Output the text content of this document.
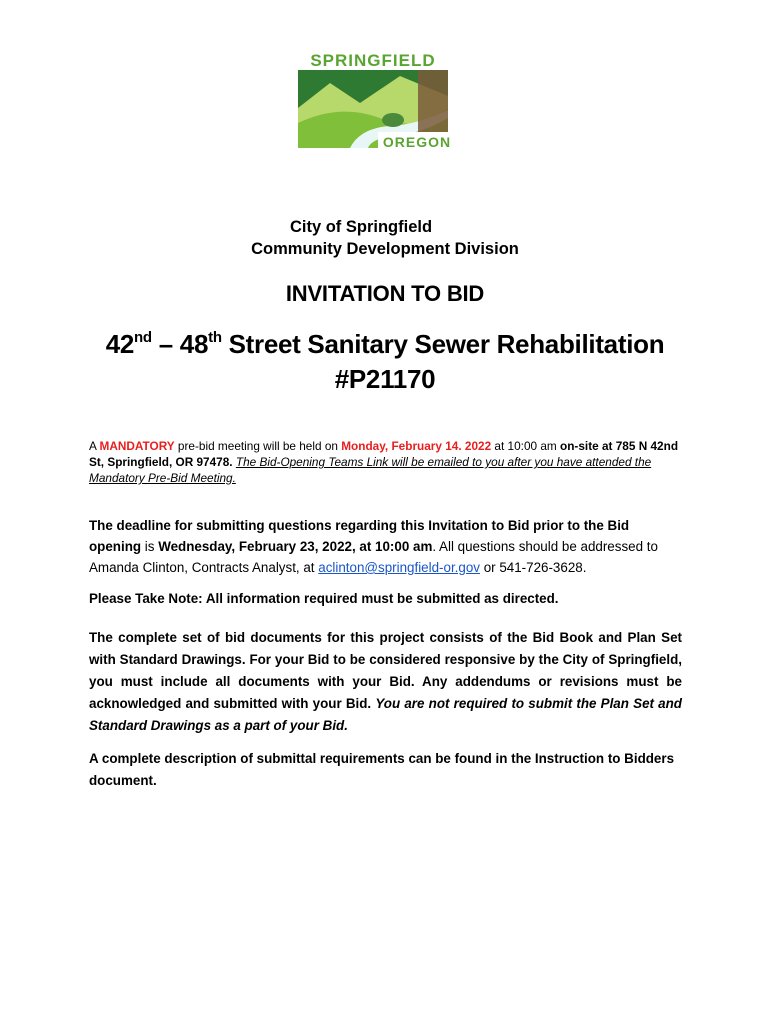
SPRINGFIELD
OREGON
City of Springfield
Community Development Division
INVITATION TO BID
42nd – 48th Street Sanitary Sewer Rehabilitation
#P21170
A MANDATORY pre-bid meeting will be held on Monday, February 14. 2022 at 10:00 am on-site at 785 N 42nd St, Springfield, OR 97478. The Bid-Opening Teams Link will be emailed to you after you have attended the Mandatory Pre-Bid Meeting.
The deadline for submitting questions regarding this Invitation to Bid prior to the Bid opening is Wednesday, February 23, 2022, at 10:00 am. All questions should be addressed to Amanda Clinton, Contracts Analyst, at aclinton@springfield-or.gov or 541-726-3628.
Please Take Note: All information required must be submitted as directed.
The complete set of bid documents for this project consists of the Bid Book and Plan Set with Standard Drawings. For your Bid to be considered responsive by the City of Springfield, you must include all documents with your Bid. Any addendums or revisions must be acknowledged and submitted with your Bid. You are not required to submit the Plan Set and Standard Drawings as a part of your Bid.
A complete description of submittal requirements can be found in the Instruction to Bidders document.
